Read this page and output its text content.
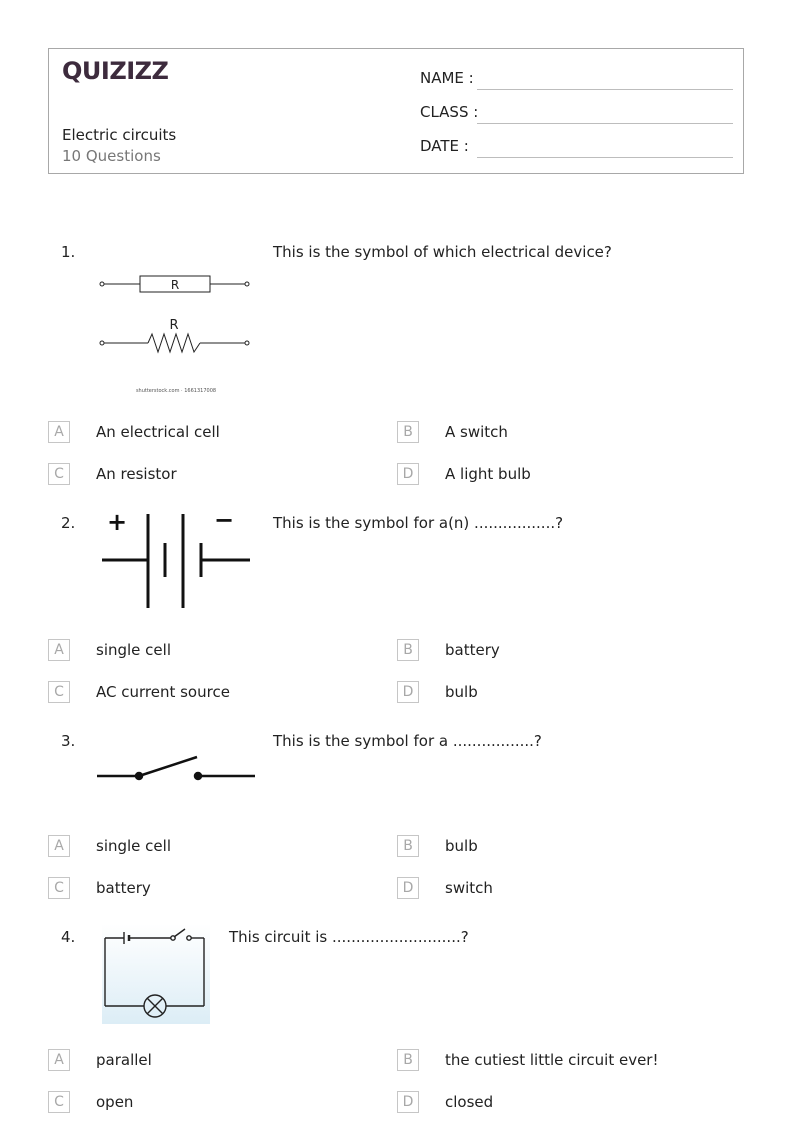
QUIZIZZ
Electric circuits
10 Questions
NAME :
CLASS :
DATE :
1.
R
R
shutterstock.com · 1661317008
This is the symbol of which electrical device?
A	An electrical cell	B	A switch
C	An resistor	D	A light bulb
2. +	−	This is the symbol for a(n) .................?
A	single cell	B	battery
C	AC current source	D	bulb
3.	This is the symbol for a .................?
A	single cell	B	bulb
C	battery	D	switch
4.	This circuit is ...........................?
A	parallel	B	the cutiest little circuit ever!
C	open	D	closed
